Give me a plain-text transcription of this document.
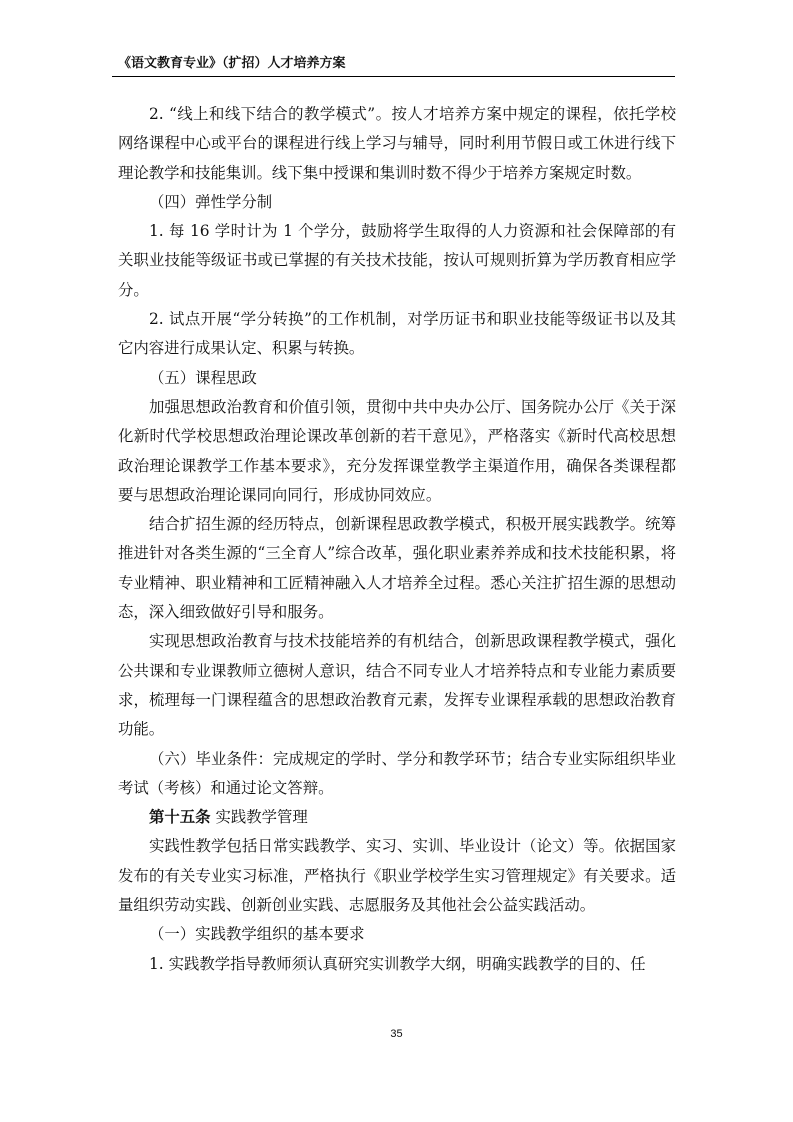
《语文教育专业》（扩招）人才培养方案

2. “线上和线下结合的教学模式”。按人才培养方案中规定的课程，依托学校网络课程中心或平台的课程进行线上学习与辅导，同时利用节假日或工休进行线下理论教学和技能集训。线下集中授课和集训时数不得少于培养方案规定时数。

（四）弹性学分制

1. 每 16 学时计为 1 个学分，鼓励将学生取得的人力资源和社会保障部的有关职业技能等级证书或已掌握的有关技术技能，按认可规则折算为学历教育相应学分。

2. 试点开展“学分转换”的工作机制，对学历证书和职业技能等级证书以及其它内容进行成果认定、积累与转换。

（五）课程思政

加强思想政治教育和价值引领，贯彻中共中央办公厅、国务院办公厅《关于深化新时代学校思想政治理论课改革创新的若干意见》，严格落实《新时代高校思想政治理论课教学工作基本要求》，充分发挥课堂教学主渠道作用，确保各类课程都要与思想政治理论课同向同行，形成协同效应。

结合扩招生源的经历特点，创新课程思政教学模式，积极开展实践教学。统筹推进针对各类生源的“三全育人”综合改革，强化职业素养养成和技术技能积累，将专业精神、职业精神和工匠精神融入人才培养全过程。悉心关注扩招生源的思想动态，深入细致做好引导和服务。

实现思想政治教育与技术技能培养的有机结合，创新思政课程教学模式，强化公共课和专业课教师立德树人意识，结合不同专业人才培养特点和专业能力素质要求，梳理每一门课程蕴含的思想政治教育元素，发挥专业课程承载的思想政治教育功能。

（六）毕业条件：完成规定的学时、学分和教学环节；结合专业实际组织毕业考试（考核）和通过论文答辩。

第十五条 实践教学管理

实践性教学包括日常实践教学、实习、实训、毕业设计（论文）等。依据国家发布的有关专业实习标准，严格执行《职业学校学生实习管理规定》有关要求。适量组织劳动实践、创新创业实践、志愿服务及其他社会公益实践活动。

（一）实践教学组织的基本要求

1. 实践教学指导教师须认真研究实训教学大纲，明确实践教学的目的、任

35
